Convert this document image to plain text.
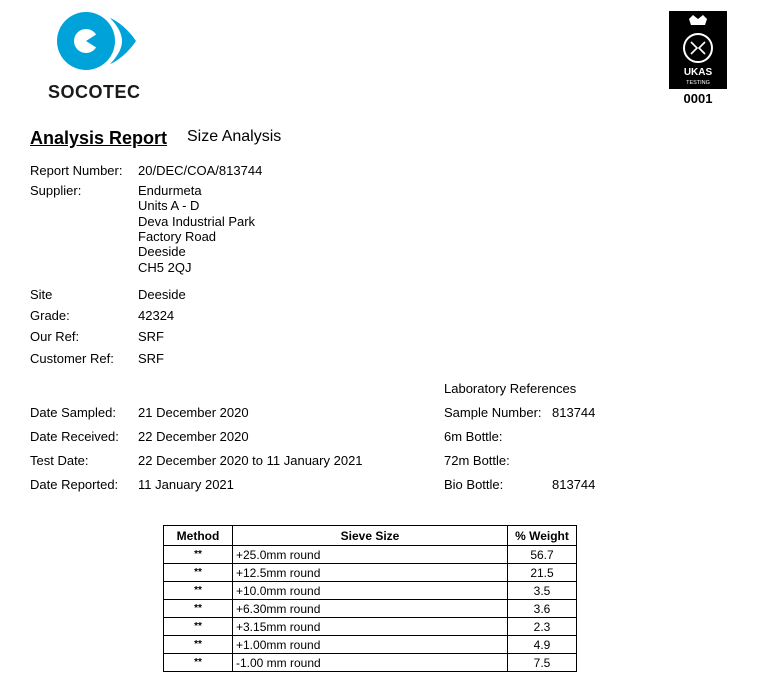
SOCOTEC
UKAS
TESTING
0001
Analysis Report Size Analysis
Report Number: 20/DEC/COA/813744
Supplier:	Endurmeta
Units A - D
Deva Industrial Park
Factory Road
Deeside
CH5 2QJ
Site	Deeside
Grade:	42324
Our Ref:	SRF
Customer Ref: SRF
Laboratory References
Date Sampled: 21 December 2020	Sample Number: 813744
Date Received: 22 December 2020	6m Bottle:
Test Date:	22 December 2020 to 11 January 2021	72m Bottle:
Date Reported: 11 January 2021	Bio Bottle:	813744
Method	Sieve Size	% Weight
**	+25.0mm round	56.7
**	+12.5mm round	21.5
**	+10.0mm round	3.5
**	+6.30mm round	3.6
**	+3.15mm round	2.3
**	+1.00mm round	4.9
**	-1.00 mm round	7.5
